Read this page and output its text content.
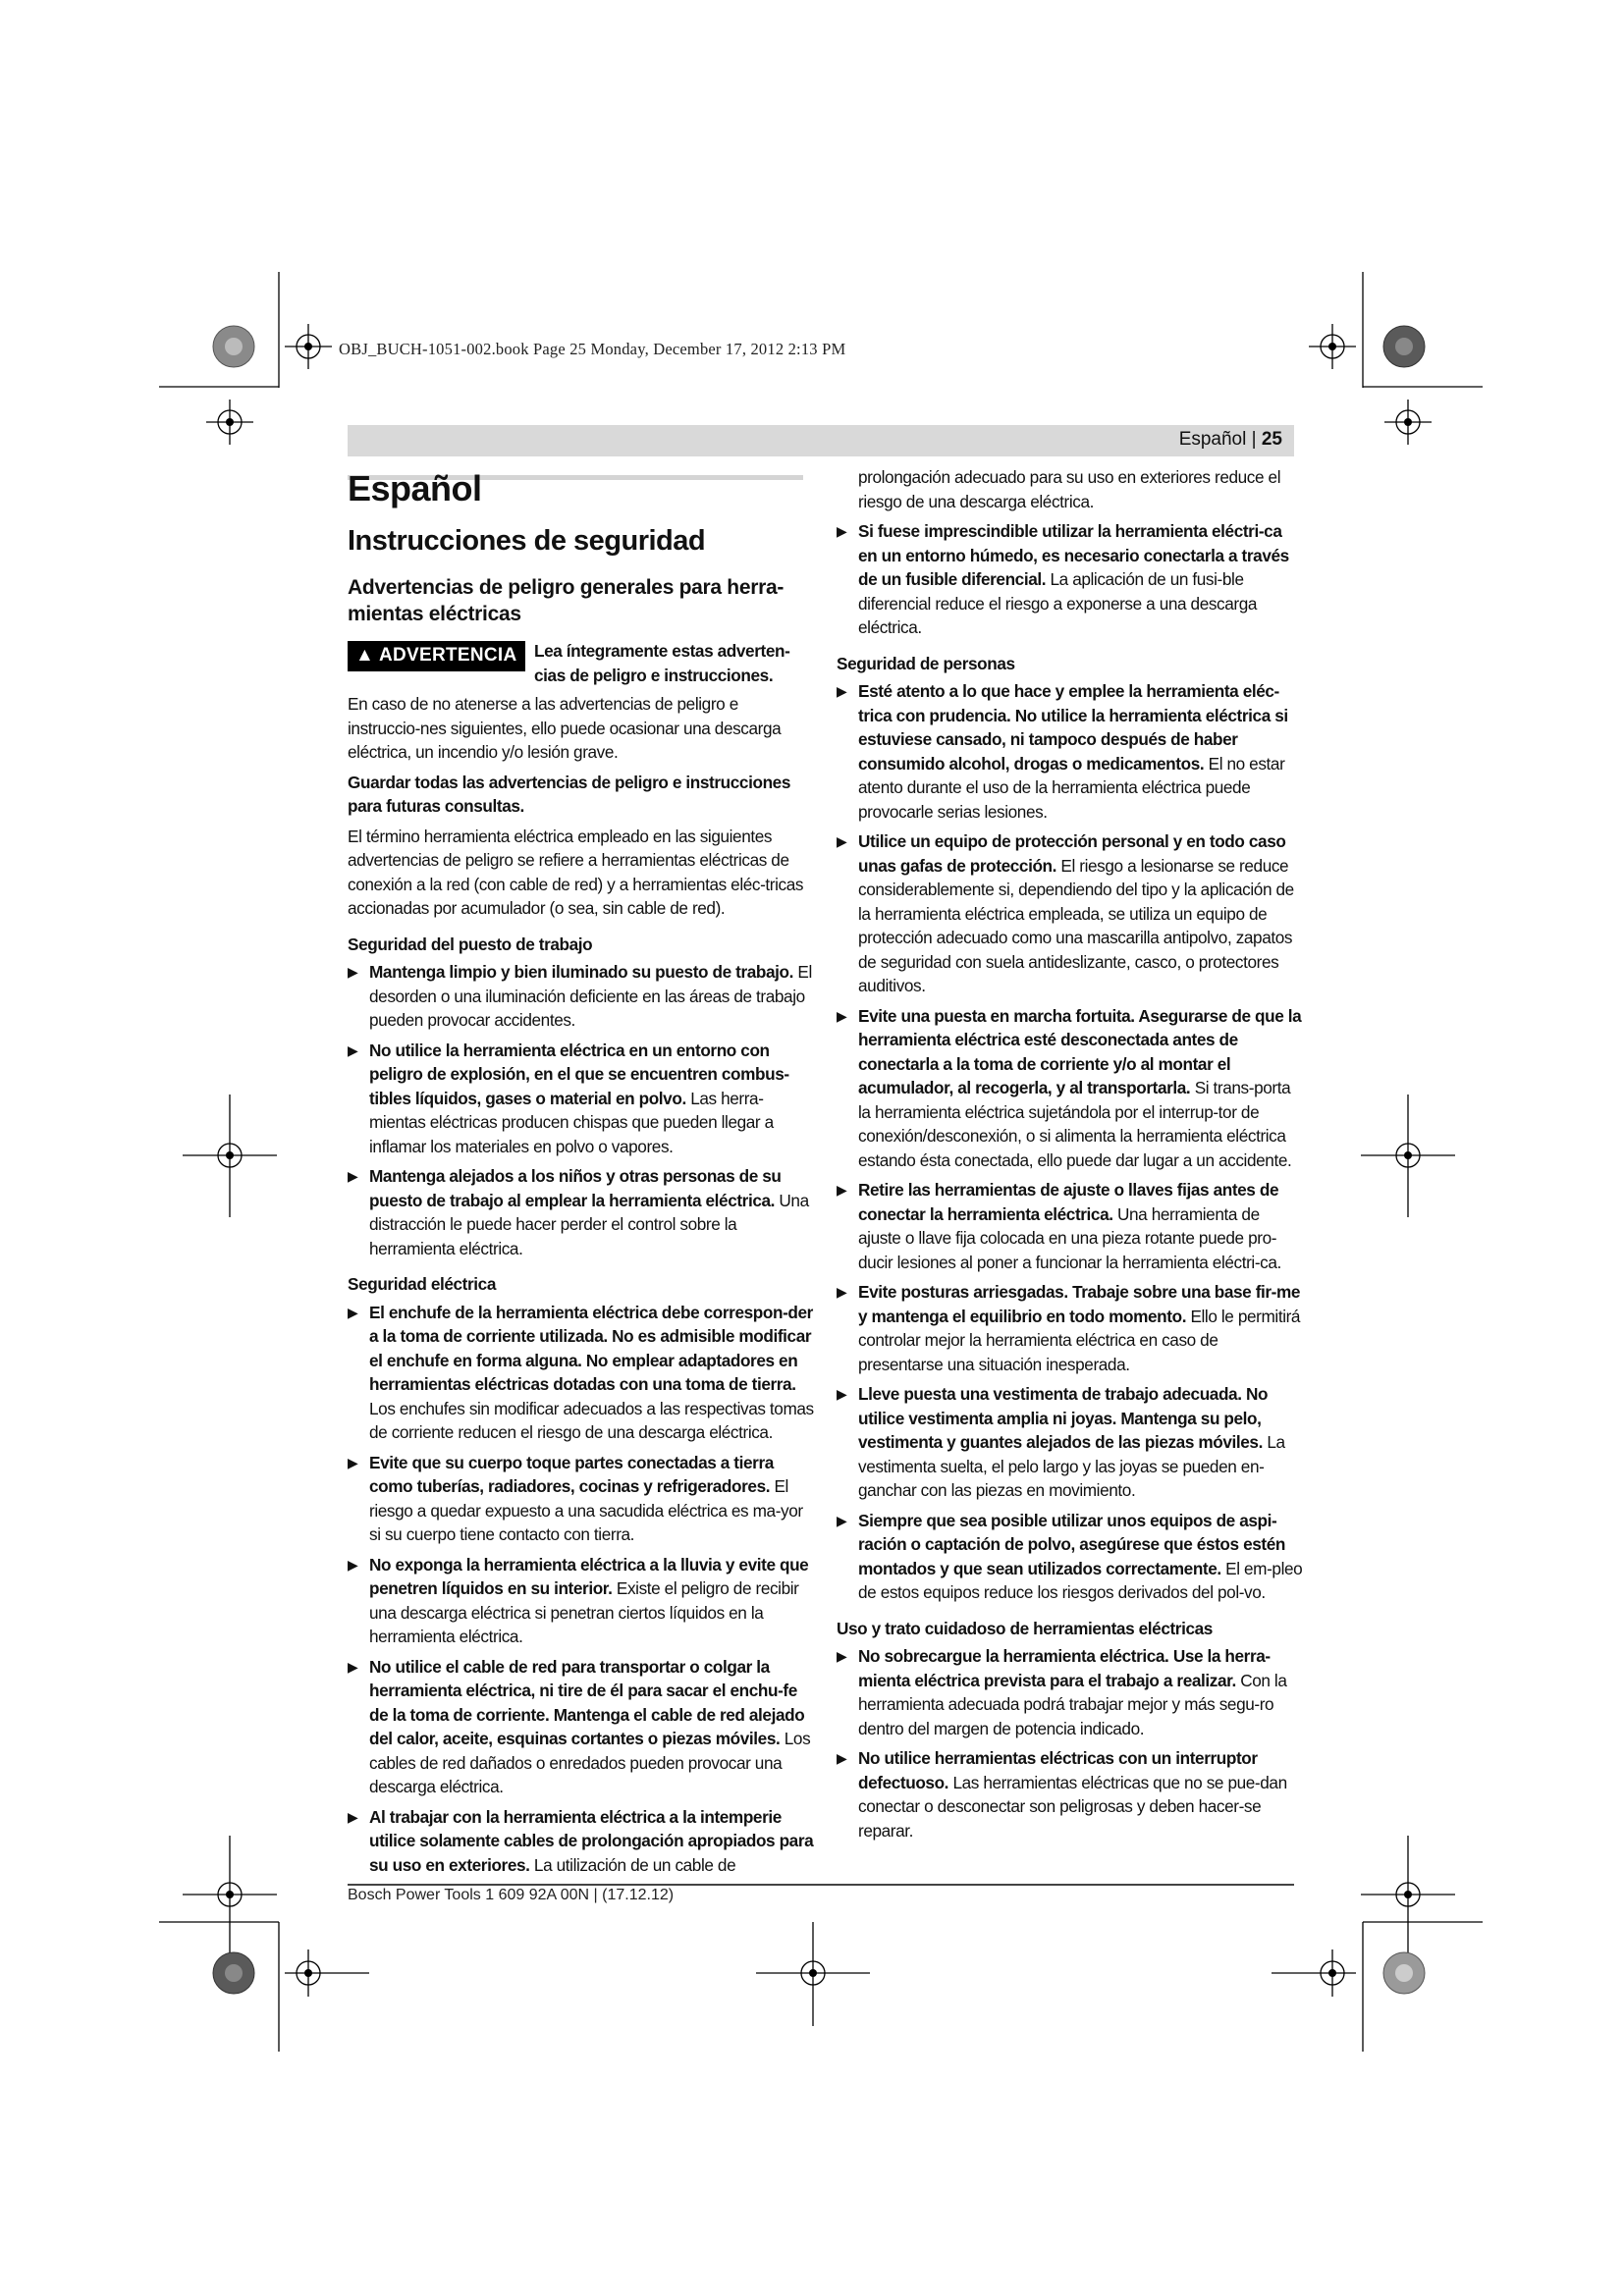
OBJ_BUCH-1051-002.book Page 25 Monday, December 17, 2012 2:13 PM
Español | 25
Español
Instrucciones de seguridad
Advertencias de peligro generales para herra-mientas eléctricas
▲ ADVERTENCIA	Lea íntegramente estas adverten-cias de peligro e instrucciones.

En caso de no atenerse a las advertencias de peligro e instruccio-nes siguientes, ello puede ocasionar una descarga eléctrica, un incendio y/o lesión grave.

Guardar todas las advertencias de peligro e instrucciones para futuras consultas.

El término herramienta eléctrica empleado en las siguientes advertencias de peligro se refiere a herramientas eléctricas de conexión a la red (con cable de red) y a herramientas eléc-tricas accionadas por acumulador (o sea, sin cable de red).

Seguridad del puesto de trabajo
▶ Mantenga limpio y bien iluminado su puesto de trabajo. El desorden o una iluminación deficiente en las áreas de trabajo pueden provocar accidentes.
▶ No utilice la herramienta eléctrica en un entorno con peligro de explosión, en el que se encuentren combus-tibles líquidos, gases o material en polvo. Las herra-mientas eléctricas producen chispas que pueden llegar a inflamar los materiales en polvo o vapores.
▶ Mantenga alejados a los niños y otras personas de su puesto de trabajo al emplear la herramienta eléctrica. Una distracción le puede hacer perder el control sobre la herramienta eléctrica.
Seguridad eléctrica
▶ El enchufe de la herramienta eléctrica debe correspon-der a la toma de corriente utilizada. No es admisible modificar el enchufe en forma alguna. No emplear adaptadores en herramientas eléctricas dotadas con una toma de tierra. Los enchufes sin modificar adecuados a las respectivas tomas de corriente reducen el riesgo de una descarga eléctrica.
▶ Evite que su cuerpo toque partes conectadas a tierra como tuberías, radiadores, cocinas y refrigeradores. El riesgo a quedar expuesto a una sacudida eléctrica es ma-yor si su cuerpo tiene contacto con tierra.
▶ No exponga la herramienta eléctrica a la lluvia y evite que penetren líquidos en su interior. Existe el peligro de recibir una descarga eléctrica si penetran ciertos líquidos en la herramienta eléctrica.
▶ No utilice el cable de red para transportar o colgar la herramienta eléctrica, ni tire de él para sacar el enchu-fe de la toma de corriente. Mantenga el cable de red alejado del calor, aceite, esquinas cortantes o piezas móviles. Los cables de red dañados o enredados pueden provocar una descarga eléctrica.
▶ Al trabajar con la herramienta eléctrica a la intemperie utilice solamente cables de prolongación apropiados para su uso en exteriores. La utilización de un cable de

prolongación adecuado para su uso en exteriores reduce el riesgo de una descarga eléctrica.

▶ Si fuese imprescindible utilizar la herramienta eléctri-ca en un entorno húmedo, es necesario conectarla a través de un fusible diferencial. La aplicación de un fusi-ble diferencial reduce el riesgo a exponerse a una descarga eléctrica.
Seguridad de personas
▶ Esté atento a lo que hace y emplee la herramienta eléc-trica con prudencia. No utilice la herramienta eléctrica si estuviese cansado, ni tampoco después de haber consumido alcohol, drogas o medicamentos. El no estar atento durante el uso de la herramienta eléctrica puede provocarle serias lesiones.
▶ Utilice un equipo de protección personal y en todo caso unas gafas de protección. El riesgo a lesionarse se reduce considerablemente si, dependiendo del tipo y la aplicación de la herramienta eléctrica empleada, se utiliza un equipo de protección adecuado como una mascarilla antipolvo, zapatos de seguridad con suela antideslizante, casco, o protectores auditivos.
▶ Evite una puesta en marcha fortuita. Asegurarse de que la herramienta eléctrica esté desconectada antes de conectarla a la toma de corriente y/o al montar el acumulador, al recogerla, y al transportarla. Si trans-porta la herramienta eléctrica sujetándola por el interrup-tor de conexión/desconexión, o si alimenta la herramienta eléctrica estando ésta conectada, ello puede dar lugar a un accidente.
▶ Retire las herramientas de ajuste o llaves fijas antes de conectar la herramienta eléctrica. Una herramienta de ajuste o llave fija colocada en una pieza rotante puede pro-ducir lesiones al poner a funcionar la herramienta eléctri-ca.
▶ Evite posturas arriesgadas. Trabaje sobre una base fir-me y mantenga el equilibrio en todo momento. Ello le permitirá controlar mejor la herramienta eléctrica en caso de presentarse una situación inesperada.
▶ Lleve puesta una vestimenta de trabajo adecuada. No utilice vestimenta amplia ni joyas. Mantenga su pelo, vestimenta y guantes alejados de las piezas móviles. La vestimenta suelta, el pelo largo y las joyas se pueden en-ganchar con las piezas en movimiento.
▶ Siempre que sea posible utilizar unos equipos de aspi-ración o captación de polvo, asegúrese que éstos estén montados y que sean utilizados correctamente. El em-pleo de estos equipos reduce los riesgos derivados del pol-vo.
Uso y trato cuidadoso de herramientas eléctricas
▶ No sobrecargue la herramienta eléctrica. Use la herra-mienta eléctrica prevista para el trabajo a realizar. Con la herramienta adecuada podrá trabajar mejor y más segu-ro dentro del margen de potencia indicado.
▶ No utilice herramientas eléctricas con un interruptor defectuoso. Las herramientas eléctricas que no se pue-dan conectar o desconectar son peligrosas y deben hacer-se reparar.
Bosch Power Tools 1 609 92A 00N | (17.12.12)
